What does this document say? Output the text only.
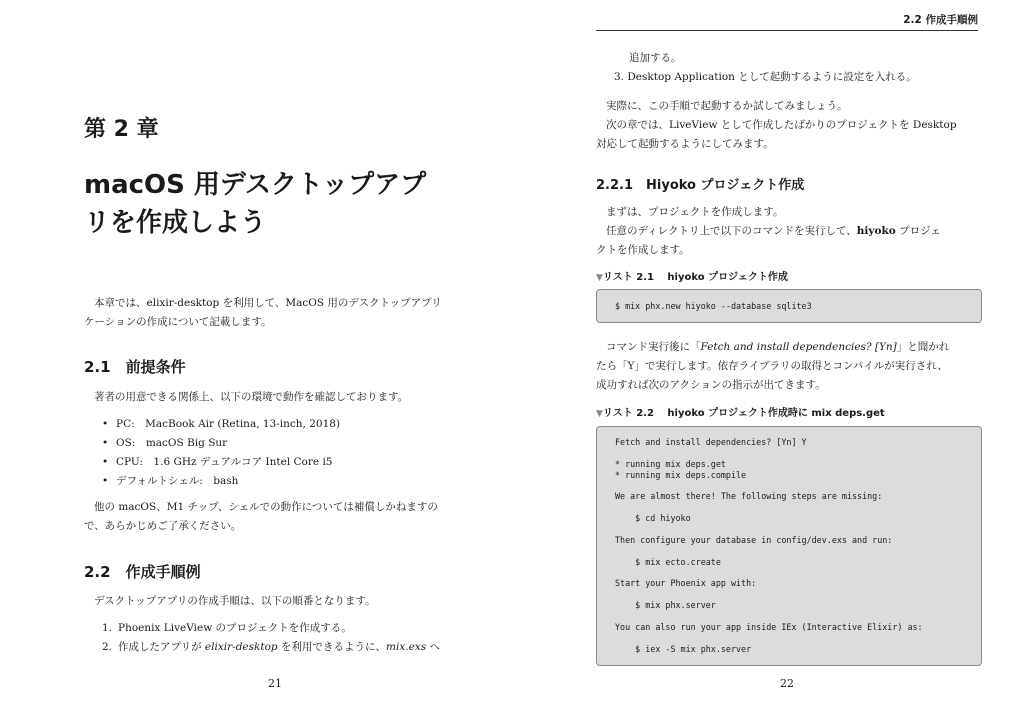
第 2 章
macOS 用デスクトップアプ
リを作成しよう
本章では、elixir-desktop を利用して、MacOS 用のデスクトップアプリ
ケーションの作成について記載します。
2.1　前提条件
著者の用意できる関係上、以下の環境で動作を確認しております。
• PC:　MacBook Air (Retina, 13-inch, 2018)
• OS:　macOS Big Sur
• CPU:　1.6 GHz デュアルコア Intel Core i5
• デフォルトシェル:　bash
他の macOS、M1 チップ、シェルでの動作については補償しかねますの
で、あらかじめご了承ください。
2.2　作成手順例
デスクトップアプリの作成手順は、以下の順番となります。
1. Phoenix LiveView のプロジェクトを作成する。
2. 作成したアプリが elixir-desktop を利用できるように、mix.exs へ
21
2.2 作成手順例
追加する。
3. Desktop Application として起動するように設定を入れる。
実際に、この手順で起動するか試してみましょう。
次の章では、LiveView として作成したばかりのプロジェクトを Desktop
対応して起動するようにしてみます。
2.2.1　Hiyoko プロジェクト作成
まずは、プロジェクトを作成します。
任意のディレクトリ上で以下のコマンドを実行して、hiyoko プロジェ
クトを作成します。
▼リスト 2.1　 hiyoko プロジェクト作成
$ mix phx.new hiyoko --database sqlite3
コマンド実行後に「Fetch and install dependencies? [Yn]」と聞かれ
たら「Y」で実行します。依存ライブラリの取得とコンパイルが実行され、
成功すれば次のアクションの指示が出てきます。
▼リスト 2.2　 hiyoko プロジェクト作成時に mix deps.get
Fetch and install dependencies? [Yn] Y
* running mix deps.get
* running mix deps.compile
We are almost there! The following steps are missing:
$ cd hiyoko
Then configure your database in config/dev.exs and run:
$ mix ecto.create
Start your Phoenix app with:
$ mix phx.server
You can also run your app inside IEx (Interactive Elixir) as:
$ iex -S mix phx.server
22
